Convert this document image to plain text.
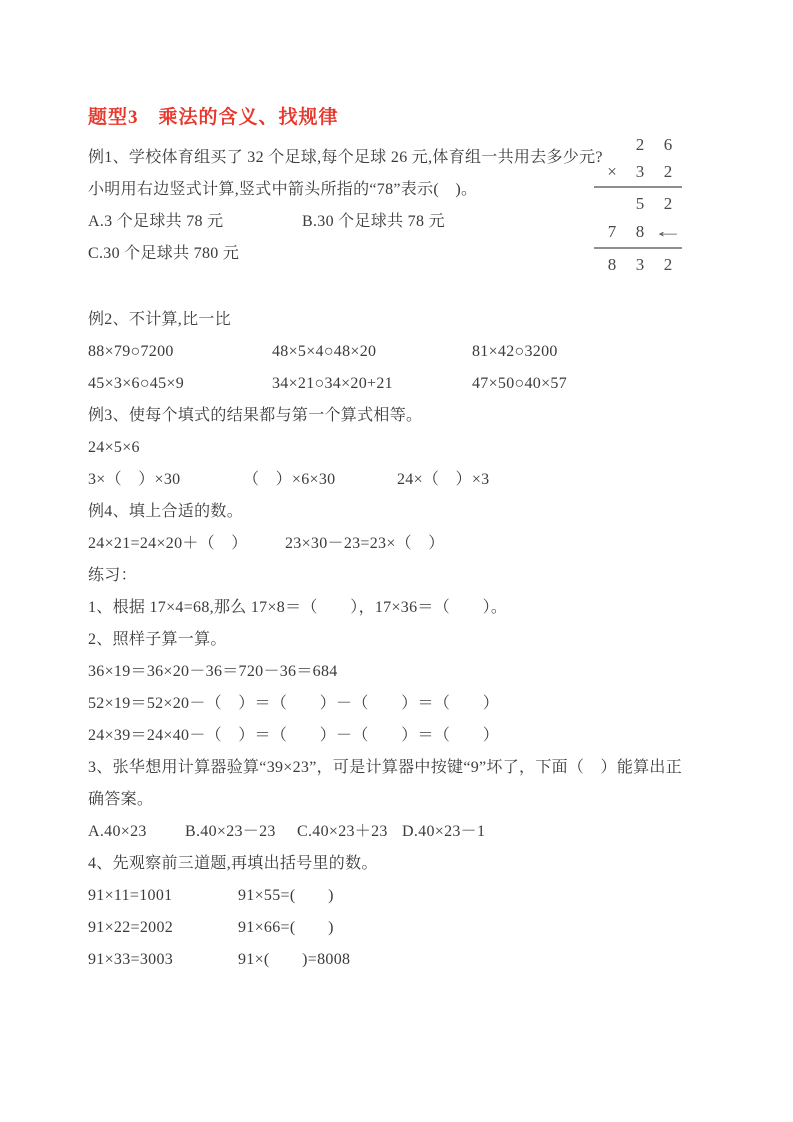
题型3　乘法的含义、找规律

例1、学校体育组买了 32 个足球,每个足球 26 元,体育组一共用去多少元?

小明用右边竖式计算,竖式中箭头所指的“78”表示(　)。

A.3 个足球共 78 元	B.30 个足球共 78 元

C.30 个足球共 780 元

例2、不计算,比一比

88×79○7200	48×5×4○48×20	81×42○3200
45×3×6○45×9	34×21○34×20+21	47×50○40×57

例3、使每个填式的结果都与第一个算式相等。

24×5×6

3×（　）×30	（　）×6×30	24×（　）×3

例4、填上合适的数。

24×21=24×20＋（　）	23×30－23=23×（　）

练习：

1、根据 17×4=68,那么 17×8＝（　　），17×36＝（　　）。

2、照样子算一算。

36×19＝36×20－36＝720－36＝684

52×19＝52×20－（　）＝（　　）－（　　）＝（　　）

24×39＝24×40－（　）＝（　　）－（　　）＝（　　）

3、张华想用计算器验算“39×23”，可是计算器中按键“9”坏了，下面（　）能算出正

确答案。

A.40×23	B.40×23－23	C.40×23＋23 D.40×23－1

4、先观察前三道题,再填出括号里的数。

91×11=1001	91×55=(　　)
91×22=2002	91×66=(　　)
91×33=3003	91×(　　)=8008
2	6
×	3	2
5	2
7	8 ←
8	3	2
